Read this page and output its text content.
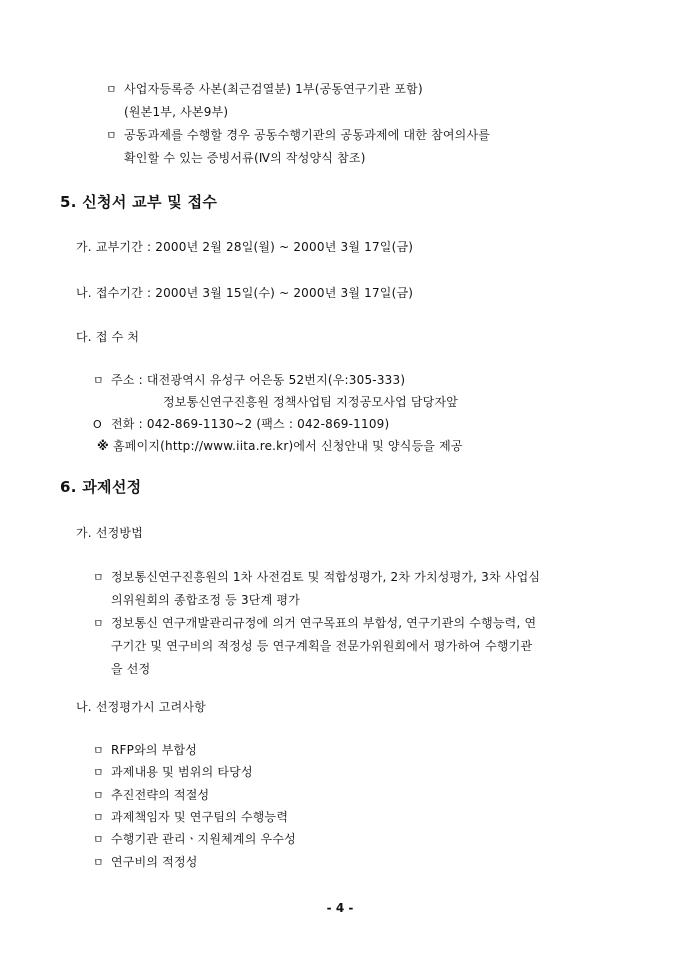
ㅁ 사업자등록증 사본(최근검열분) 1부(공동연구기관 포함)
(원본1부, 사본9부)
ㅁ 공동과제를 수행할 경우 공동수행기관의 공동과제에 대한 참여의사를
확인할 수 있는 증빙서류(Ⅳ의 작성양식 참조)
5. 신청서 교부 및 접수
가. 교부기간 : 2000년 2월 28일(월) ~ 2000년 3월 17일(금)
나. 접수기간 : 2000년 3월 15일(수) ~ 2000년 3월 17일(금)
다. 접 수 처
ㅁ 주소 : 대전광역시 유성구 어은동 52번지(우:305-333)
정보통신연구진흥원 정책사업팀 지정공모사업 담당자앞
O 전화 : 042-869-1130~2 (팩스 : 042-869-1109)
※ 홈페이지(http://www.iita.re.kr)에서 신청안내 및 양식등을 제공
6. 과제선정
가. 선정방법
ㅁ 정보통신연구진흥원의 1차 사전검토 및 적합성평가, 2차 가치성평가, 3차 사업심
의위원회의 종합조정 등 3단계 평가
ㅁ 정보통신 연구개발관리규정에 의거 연구목표의 부합성, 연구기관의 수행능력, 연
구기간 및 연구비의 적정성 등 연구계획을 전문가위원회에서 평가하여 수행기관
을 선정
나. 선정평가시 고려사항
ㅁ RFP와의 부합성
ㅁ 과제내용 및 범위의 타당성
ㅁ 추진전략의 적절성
ㅁ 과제책임자 및 연구팀의 수행능력
ㅁ 수행기관 관리ㆍ지원체계의 우수성
ㅁ 연구비의 적정성
- 4 -
